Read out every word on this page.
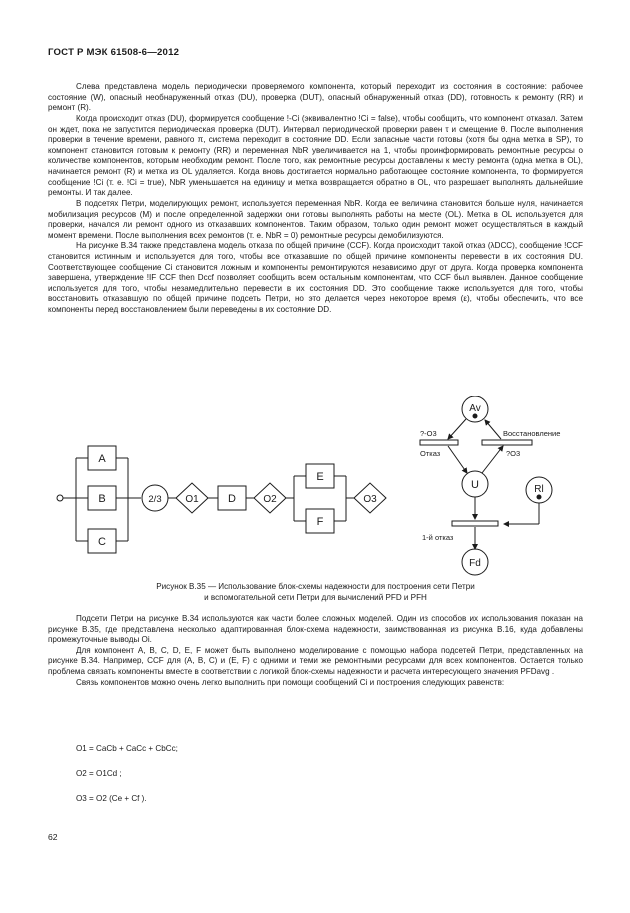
ГОСТ Р МЭК 61508-6—2012

Слева представлена модель периодически проверяемого компонента, который переходит из состояния в состояние: рабочее состояние (W), опасный необнаруженный отказ (DU), проверка (DUT), опасный обнаруженный отказ (DD), готовность к ремонту (RR) и ремонт (R).

Когда происходит отказ (DU), формируется сообщение !-Ci (эквивалентно !Ci = false), чтобы сообщить, что компонент отказал. Затем он ждет, пока не запустится периодическая проверка (DUT). Интервал периодической проверки равен τ и смещение θ. После выполнения проверки в течение времени, равного π, система переходит в состояние DD. Если запасные части готовы (хотя бы одна метка в SP), то компонент становится готовым к ремонту (RR) и переменная NbR увеличивается на 1, чтобы проинформировать ремонтные ресурсы о количестве компонентов, которым необходим ремонт. После того, как ремонтные ресурсы доставлены к месту ремонта (одна метка в OL), начинается ремонт (R) и метка из OL удаляется. Когда вновь достигается нормально работающее состояние компонента, то формируется сообщение !Ci (т. е. !Ci = true), NbR уменьшается на единицу и метка возвращается обратно в OL, что разрешает выполнять дальнейшие ремонты. И так далее.

В подсетях Петри, моделирующих ремонт, используется переменная NbR. Когда ее величина становится больше нуля, начинается мобилизация ресурсов (M) и после определенной задержки они готовы выполнять работы на месте (OL). Метка в OL используется для проверки, начался ли ремонт одного из отказавших компонентов. Таким образом, только один ремонт может осуществляться в каждый момент времени. После выполнения всех ремонтов (т. е. NbR = 0) ремонтные ресурсы демобилизуются.

На рисунке B.34 также представлена модель отказа по общей причине (CCF). Когда происходит такой отказ (λDCC), сообщение !CCF становится истинным и используется для того, чтобы все отказавшие по общей причине компоненты перевести в их состояния DU. Соответствующее сообщение Ci становится ложным и компоненты ремонтируются независимо друг от друга. Когда проверка компонента завершена, утверждение !IF CCF then Dccf позволяет сообщить всем остальным компонентам, что CCF был выявлен. Данное сообщение используется для того, чтобы незамедлительно перевести в их состояния DD. Это сообщение также используется для того, чтобы восстановить отказавшую по общей причине подсеть Петри, но это делается через некоторое время (ε), чтобы обеспечить, что все компоненты перед восстановлением были переведены в их состояние DD.

A
B
C
2/3 O1	D	O2
E
F
O3
Av
U	Rl
Fd
?-O3	Восстановление
Отказ	?O3
1-й отказ
Рисунок B.35 — Использование блок-схемы надежности для построения сети Петри
и вспомогательной сети Петри для вычислений PFD и PFH

Подсети Петри на рисунке B.34 используются как части более сложных моделей. Один из способов их использования показан на рисунке B.35, где представлена несколько адаптированная блок-схема надежности, заимствованная из рисунка B.16, куда добавлены промежуточные выводы Oi.

Для компонент A, B, C, D, E, F может быть выполнено моделирование с помощью набора подсетей Петри, представленных на рисунке B.34. Например, CCF для (A, B, C) и (E, F) с одними и теми же ремонтными ресурсами для всех компонентов. Остается только проблема связать компоненты вместе в соответствии с логикой блок-схемы надежности и расчета интересующего значения PFDavg .

Связь компонентов можно очень легко выполнить при помощи сообщений Ci и построения следующих равенств:

O1 = CaCb + CaCc + CbCc;
O2 = O1Cd ;
O3 = O2 (Ce + Cf ).
62
